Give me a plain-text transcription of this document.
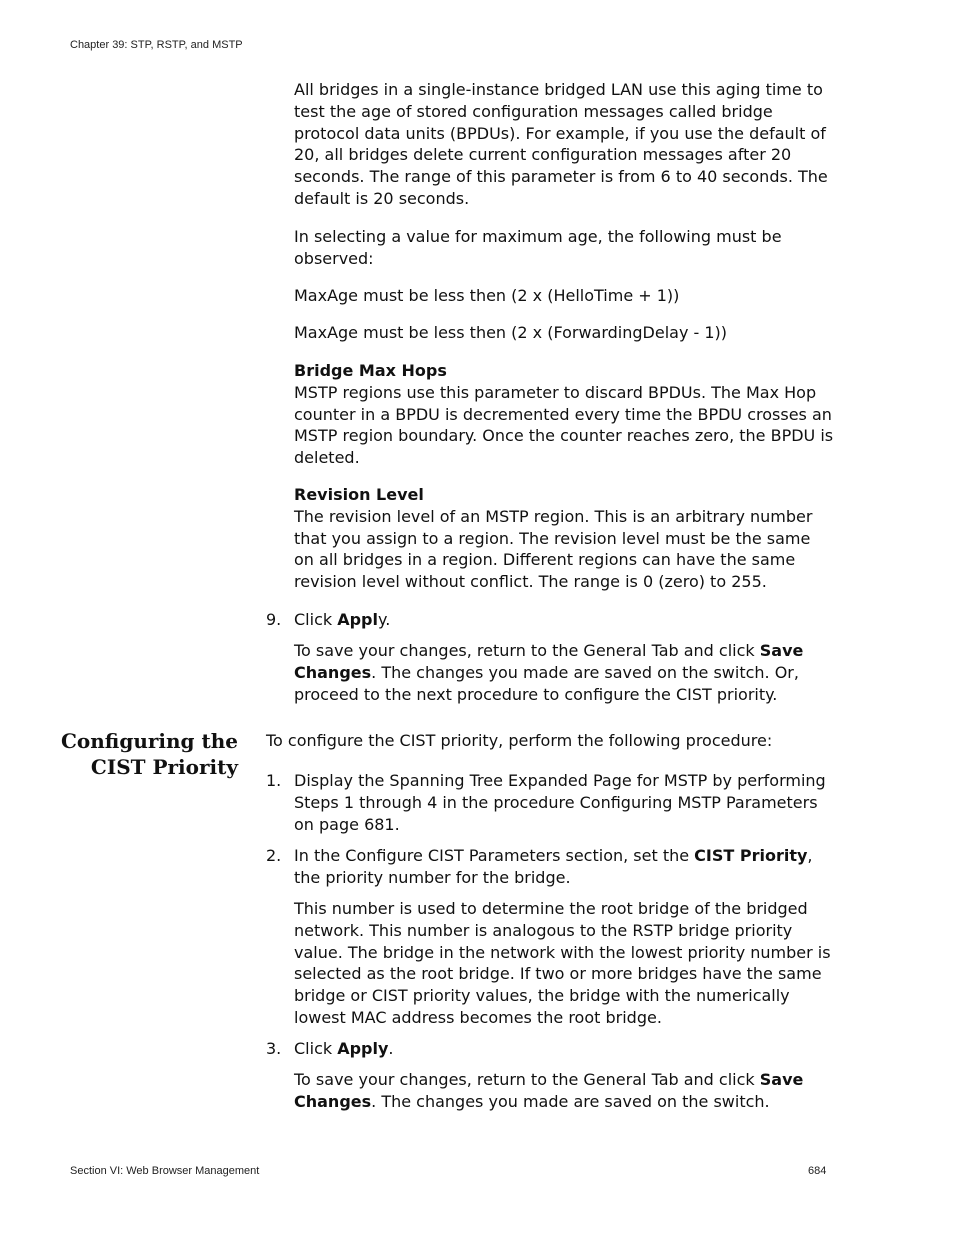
Chapter 39: STP, RSTP, and MSTP

All bridges in a single-instance bridged LAN use this aging time to test the age of stored configuration messages called bridge protocol data units (BPDUs). For example, if you use the default of 20, all bridges delete current configuration messages after 20 seconds. The range of this parameter is from 6 to 40 seconds. The default is 20 seconds.

In selecting a value for maximum age, the following must be observed:

MaxAge must be less then (2 x (HelloTime + 1))

MaxAge must be less then (2 x (ForwardingDelay - 1))

Bridge Max Hops
MSTP regions use this parameter to discard BPDUs. The Max Hop counter in a BPDU is decremented every time the BPDU crosses an MSTP region boundary. Once the counter reaches zero, the BPDU is deleted.
Revision Level
The revision level of an MSTP region. This is an arbitrary number that you assign to a region. The revision level must be the same on all bridges in a region. Different regions can have the same revision level without conflict. The range is 0 (zero) to 255.
9. Click Apply.

To save your changes, return to the General Tab and click Save Changes. The changes you made are saved on the switch. Or, proceed to the next procedure to configure the CIST priority.

Configuring the
CIST Priority

To configure the CIST priority, perform the following procedure:

1. Display the Spanning Tree Expanded Page for MSTP by performing Steps 1 through 4 in the procedure Configuring MSTP Parameters on page 681.

2. In the Configure CIST Parameters section, set the CIST Priority, the priority number for the bridge.

This number is used to determine the root bridge of the bridged network. This number is analogous to the RSTP bridge priority value. The bridge in the network with the lowest priority number is selected as the root bridge. If two or more bridges have the same bridge or CIST priority values, the bridge with the numerically lowest MAC address becomes the root bridge.

3. Click Apply.

To save your changes, return to the General Tab and click Save Changes. The changes you made are saved on the switch.

Section VI: Web Browser Management	684
